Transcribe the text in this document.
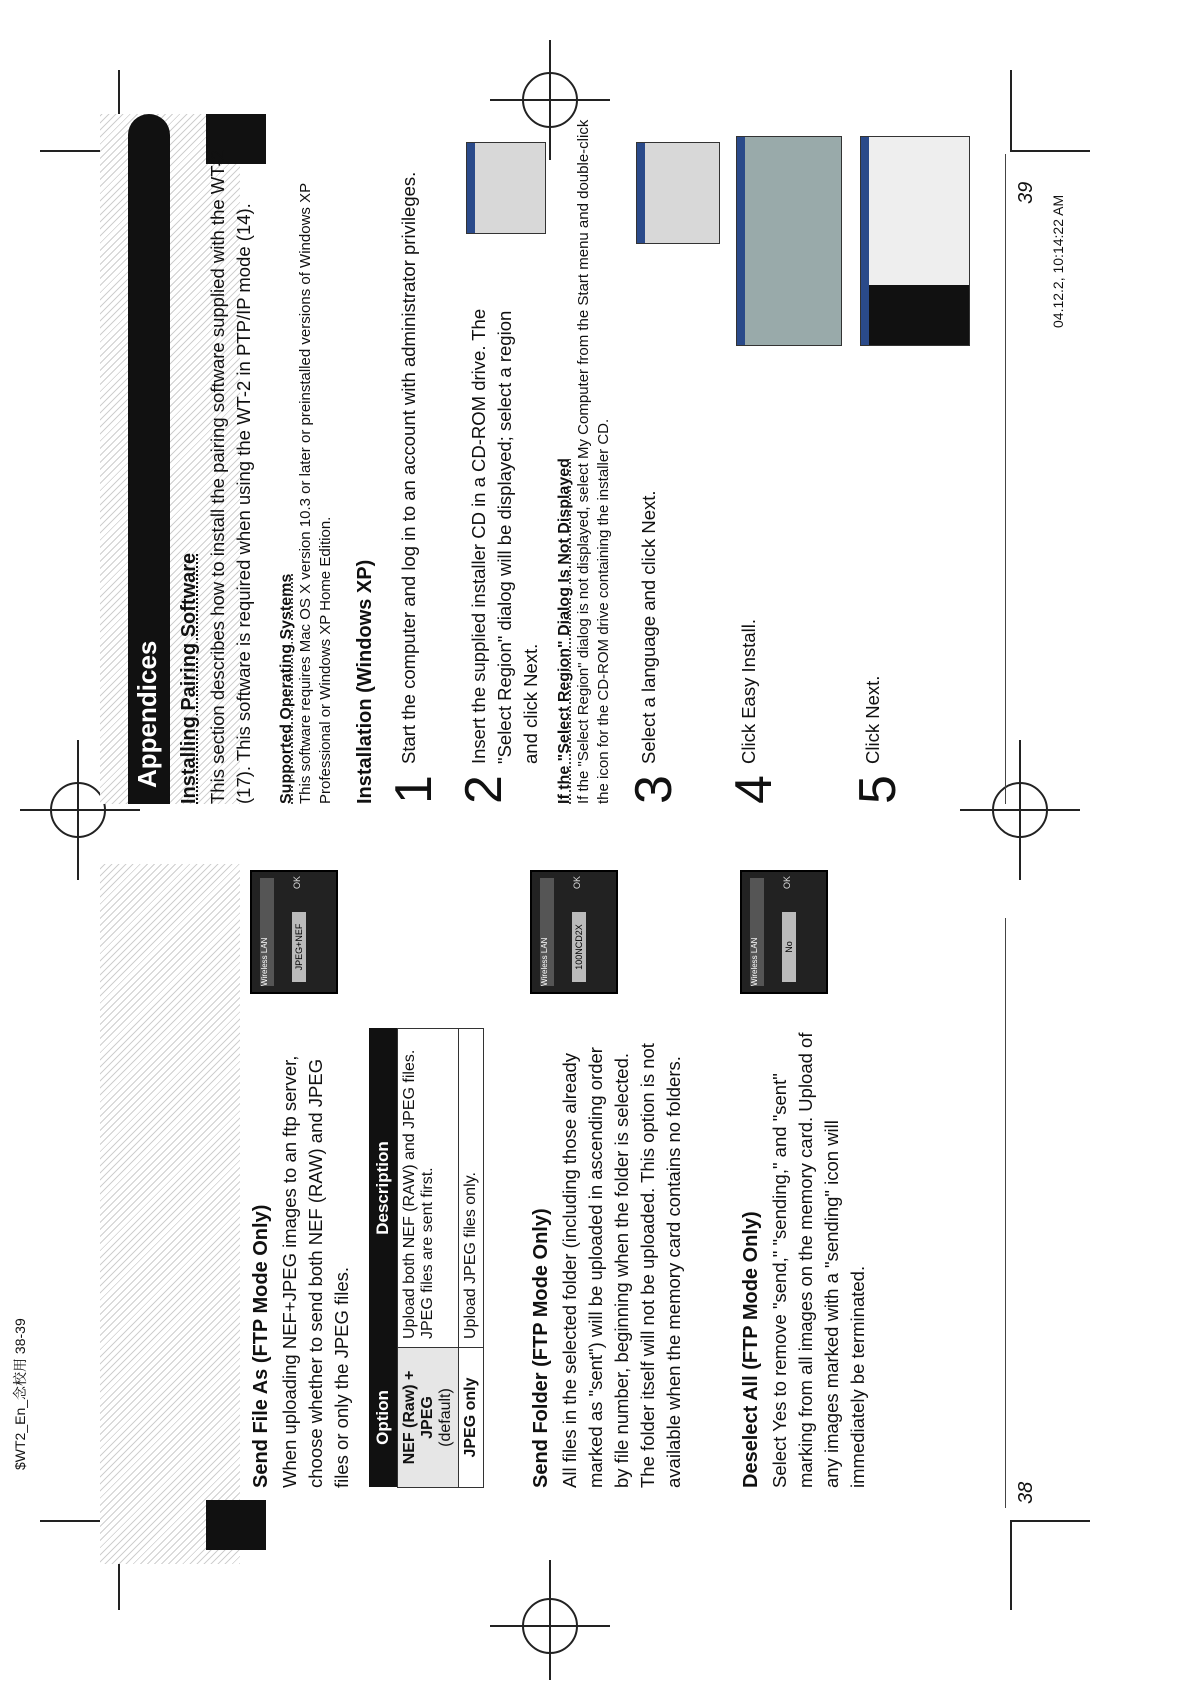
$WT2_En_念校用 38-39
04.12.2, 10:14:22 AM
Send File As (FTP Mode Only) When uploading NEF+JPEG images to an ftp server, choose whether to send both NEF (RAW) and JPEG files or only the JPEG files. Option	Description

NEF (Raw) + JPEG (default)	Upload both NEF (RAW) and JPEG files. JPEG files are sent first.
JPEG only	Upload JPEG files only.	Send Folder (FTP Mode Only) All files in the selected folder (including those already marked as "sent") will be uploaded in ascending order by file number, beginning when the folder is selected. The folder itself will not be uploaded. This option is not available when the memory card contains no folders.	Deselect All (FTP Mode Only) Select Yes to remove "send," "sending," and "sent" marking from all images on the memory card. Upload of any images marked with a "sending" icon will immediately be terminated.

Wireless LAN	JPEG+NEF
OK
Wireless LAN	100NCD2X
OK
Wireless LAN	No
OK
38
Appendices Installing Pairing Software This section describes how to install the pairing software supplied with the WT-2 (17). This software is required when using the WT-2 in PTP/IP mode (14). Supported Operating Systems This software requires Mac OS X version 10.3 or later or preinstalled versions of Windows XP Professional or Windows XP Home Edition. Installation (Windows XP) 1
Start the computer and log in to an account with administrator privileges.
2
Insert the supplied installer CD in a CD-ROM drive. The "Select Region" dialog will be displayed; select a region and click Next. If the "Select Region" Dialog Is Not Displayed If the "Select Region" dialog is not displayed, select My Computer from the Start menu and double-click the icon for the CD-ROM drive containing the installer CD. 3
Select a language and click Next.
4
Click Easy Install.
5
Click Next.
39
